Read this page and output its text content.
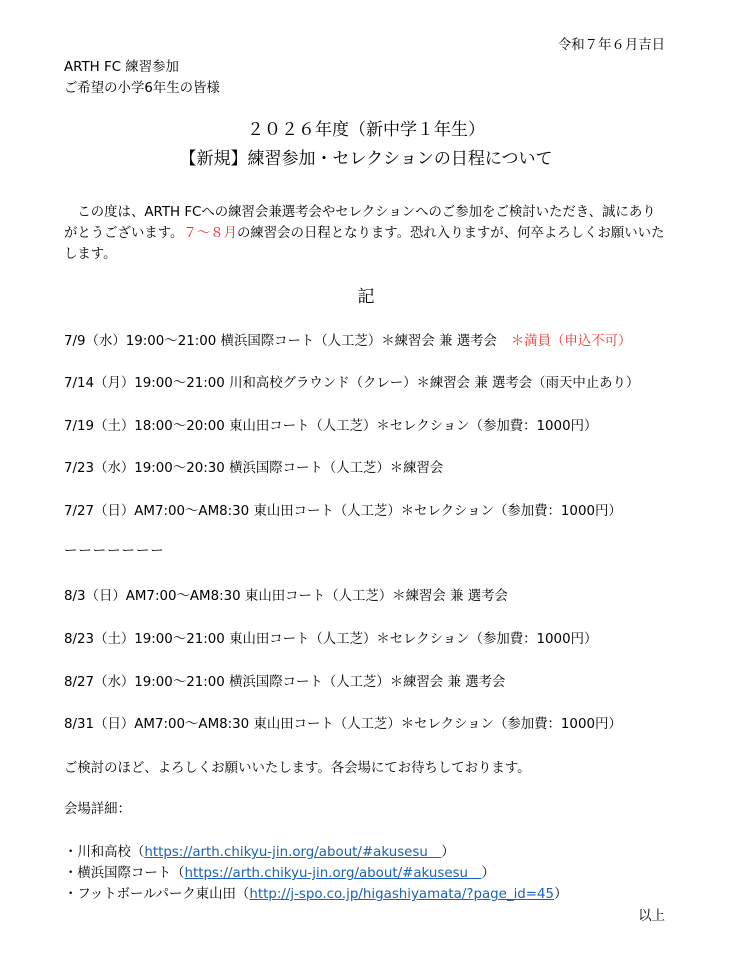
令和７年６月吉日
ARTH FC 練習参加
ご希望の小学6年生の皆様
２０２６年度（新中学１年生）
【新規】練習参加・セレクションの日程について
　この度は、ARTH FCへの練習会兼選考会やセレクションへのご参加をご検討いただき、誠にありがとうございます。７〜８月の練習会の日程となります。恐れ入りますが、何卒よろしくお願いいたします。
記
7/9（水）19:00〜21:00 横浜国際コート（人工芝）＊練習会 兼 選考会 ＊満員（申込不可）
7/14（月）19:00〜21:00 川和高校グラウンド（クレー）＊練習会 兼 選考会（雨天中止あり）
7/19（土）18:00〜20:00 東山田コート（人工芝）＊セレクション（参加費：1000円）
7/23（水）19:00〜20:30 横浜国際コート（人工芝）＊練習会
7/27（日）AM7:00〜AM8:30 東山田コート（人工芝）＊セレクション（参加費：1000円）
ーーーーーーー
8/3（日）AM7:00〜AM8:30 東山田コート（人工芝）＊練習会 兼 選考会
8/23（土）19:00〜21:00 東山田コート（人工芝）＊セレクション（参加費：1000円）
8/27（水）19:00〜21:00 横浜国際コート（人工芝）＊練習会 兼 選考会
8/31（日）AM7:00〜AM8:30 東山田コート（人工芝）＊セレクション（参加費：1000円）
ご検討のほど、よろしくお願いいたします。各会場にてお待ちしております。
会場詳細：
・川和高校（https://arth.chikyu-jin.org/about/#akusesu＿）
・横浜国際コート（https://arth.chikyu-jin.org/about/#akusesu＿）
・フットボールパーク東山田（http://j-spo.co.jp/higashiyamata/?page_id=45）
以上
